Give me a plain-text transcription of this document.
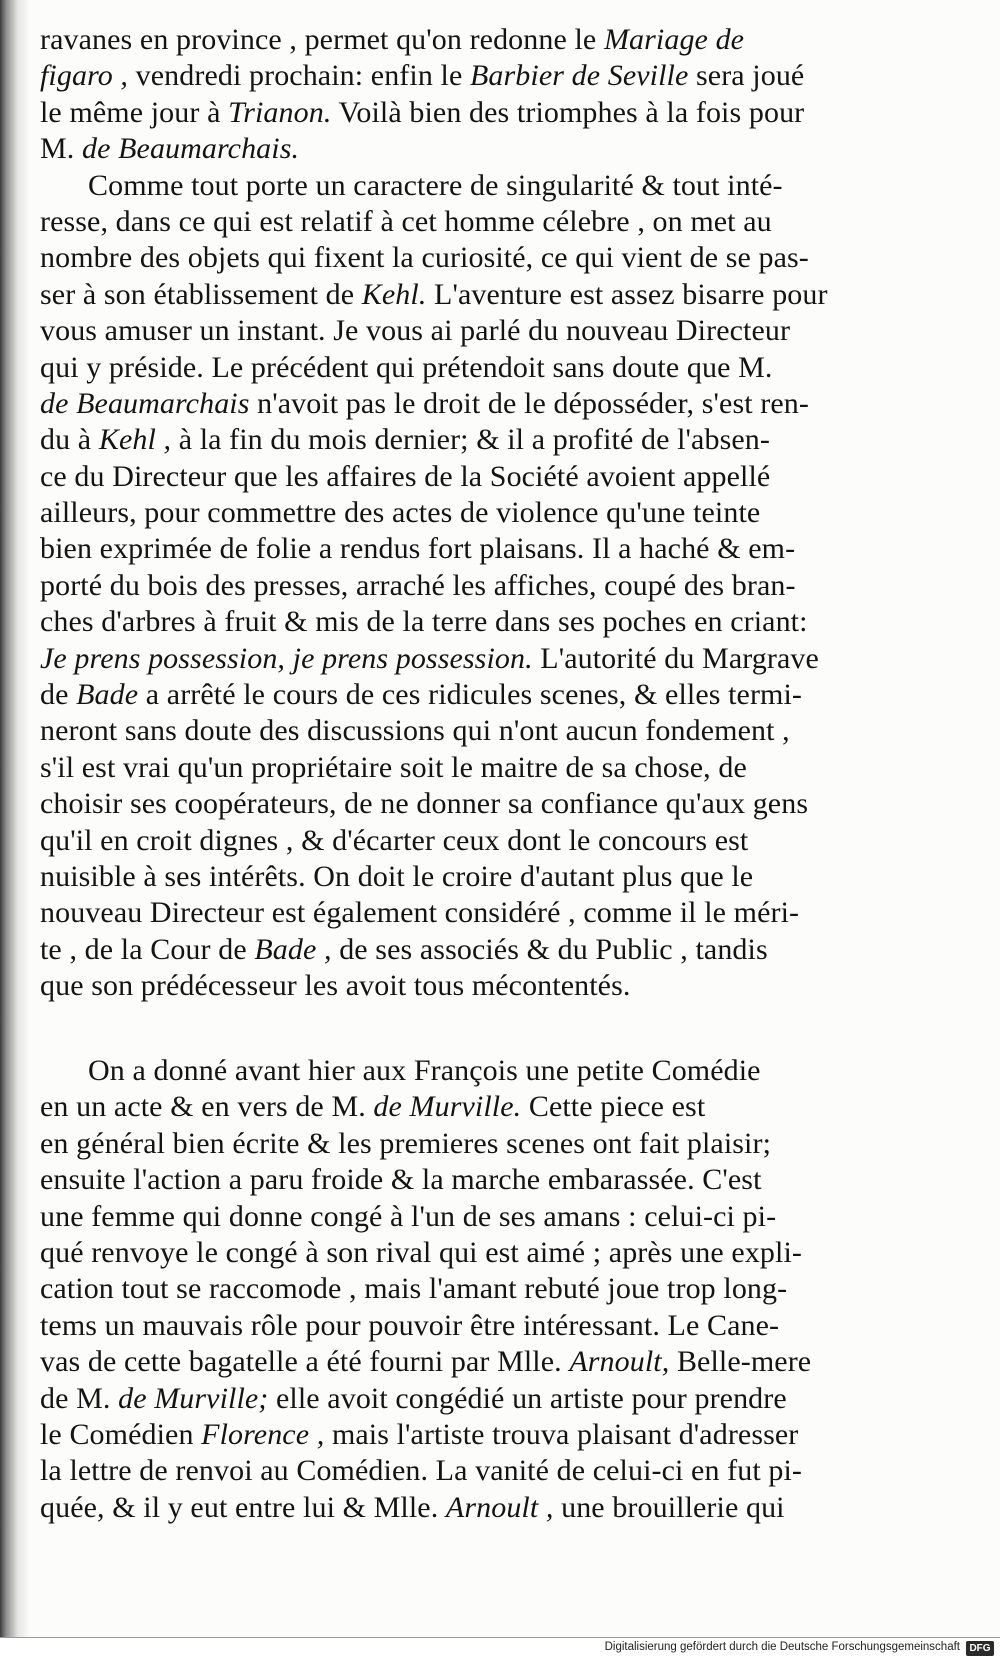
ravanes en province , permet qu'on redonne le Mariage de
figaro , vendredi prochain: enfin le Barbier de Seville sera joué
le même jour à Trianon. Voilà bien des triomphes à la fois pour
M. de Beaumarchais.
Comme tout porte un caractere de singularité & tout inté-
resse, dans ce qui est relatif à cet homme célebre , on met au
nombre des objets qui fixent la curiosité, ce qui vient de se pas-
ser à son établissement de Kehl. L'aventure est assez bisarre pour
vous amuser un instant. Je vous ai parlé du nouveau Directeur
qui y préside. Le précédent qui prétendoit sans doute que M.
de Beaumarchais n'avoit pas le droit de le déposséder, s'est ren-
du à Kehl , à la fin du mois dernier; & il a profité de l'absen-
ce du Directeur que les affaires de la Société avoient appellé
ailleurs, pour commettre des actes de violence qu'une teinte
bien exprimée de folie a rendus fort plaisans. Il a haché & em-
porté du bois des presses, arraché les affiches, coupé des bran-
ches d'arbres à fruit & mis de la terre dans ses poches en criant:
Je prens possession, je prens possession. L'autorité du Margrave
de Bade a arrêté le cours de ces ridicules scenes, & elles termi-
neront sans doute des discussions qui n'ont aucun fondement ,
s'il est vrai qu'un propriétaire soit le maitre de sa chose, de
choisir ses coopérateurs, de ne donner sa confiance qu'aux gens
qu'il en croit dignes , & d'écarter ceux dont le concours est
nuisible à ses intérêts. On doit le croire d'autant plus que le
nouveau Directeur est également considéré , comme il le méri-
te , de la Cour de Bade , de ses associés & du Public , tandis
que son prédécesseur les avoit tous mécontentés.
On a donné avant hier aux François une petite Comédie
en un acte & en vers de M. de Murville. Cette piece est
en général bien écrite & les premieres scenes ont fait plaisir;
ensuite l'action a paru froide & la marche embarassée. C'est
une femme qui donne congé à l'un de ses amans : celui-ci pi-
qué renvoye le congé à son rival qui est aimé ; après une expli-
cation tout se raccomode , mais l'amant rebuté joue trop long-
tems un mauvais rôle pour pouvoir être intéressant. Le Cane-
vas de cette bagatelle a été fourni par Mlle. Arnoult, Belle-mere
de M. de Murville; elle avoit congédié un artiste pour prendre
le Comédien Florence , mais l'artiste trouva plaisant d'adresser
la lettre de renvoi au Comédien. La vanité de celui-ci en fut pi-
quée, & il y eut entre lui & Mlle. Arnoult , une brouillerie qui
Digitalisierung gefördert durch die Deutsche Forschungsgemeinschaft DFG
